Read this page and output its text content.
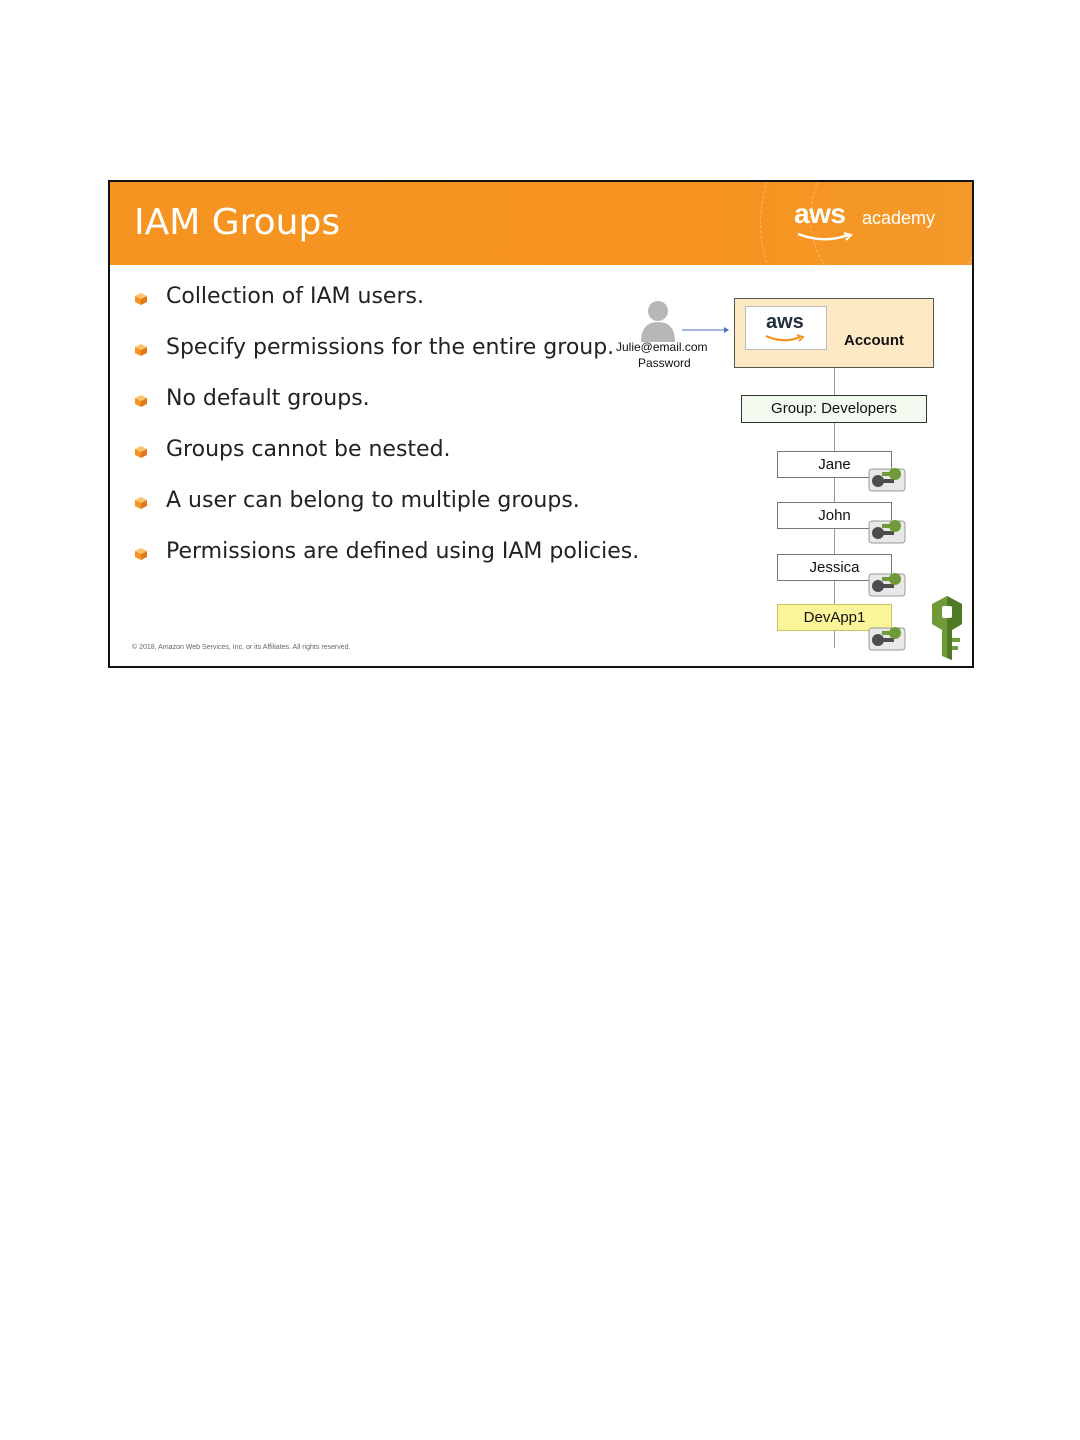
IAM Groups	aws academy
Collection of IAM users.
Specify permissions for the entire group.
No default groups.
Groups cannot be nested.
A user can belong to multiple groups.
Permissions are defined using IAM policies.
Julie@email.com
Password
aws
Account
Group: Developers
Jane
John
Jessica
DevApp1
© 2018, Amazon Web Services, Inc. or its Affiliates. All rights reserved.
